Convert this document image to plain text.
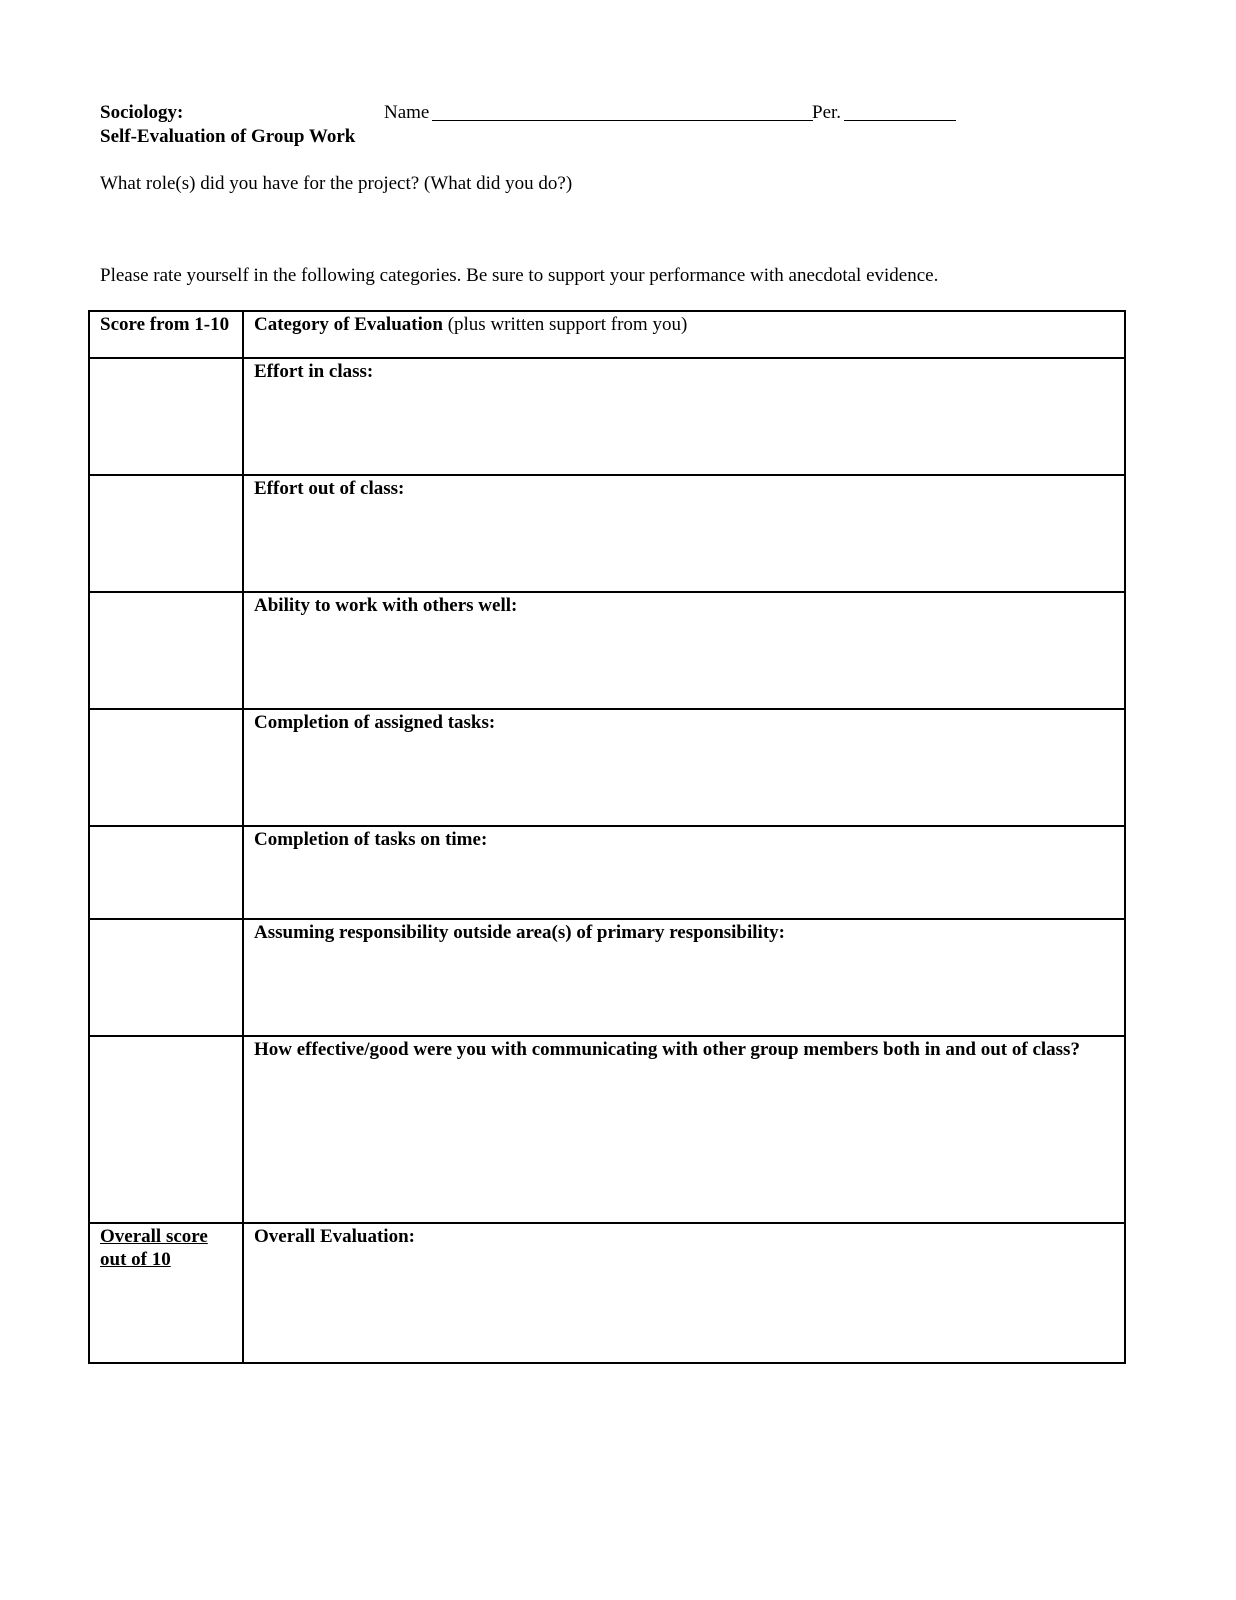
Sociology:
Self-Evaluation of Group Work
Name	Per.
What role(s) did you have for the project? (What did you do?)
Please rate yourself in the following categories. Be sure to support your performance with anecdotal evidence.
Score from 1-10	Category of Evaluation (plus written support from you)
	Effort in class:
	Effort out of class:
	Ability to work with others well:
	Completion of assigned tasks:
	Completion of tasks on time:
	Assuming responsibility outside area(s) of primary responsibility:
	How effective/good were you with communicating with other group members both in and out of class?
Overall score out of 10	Overall Evaluation:
